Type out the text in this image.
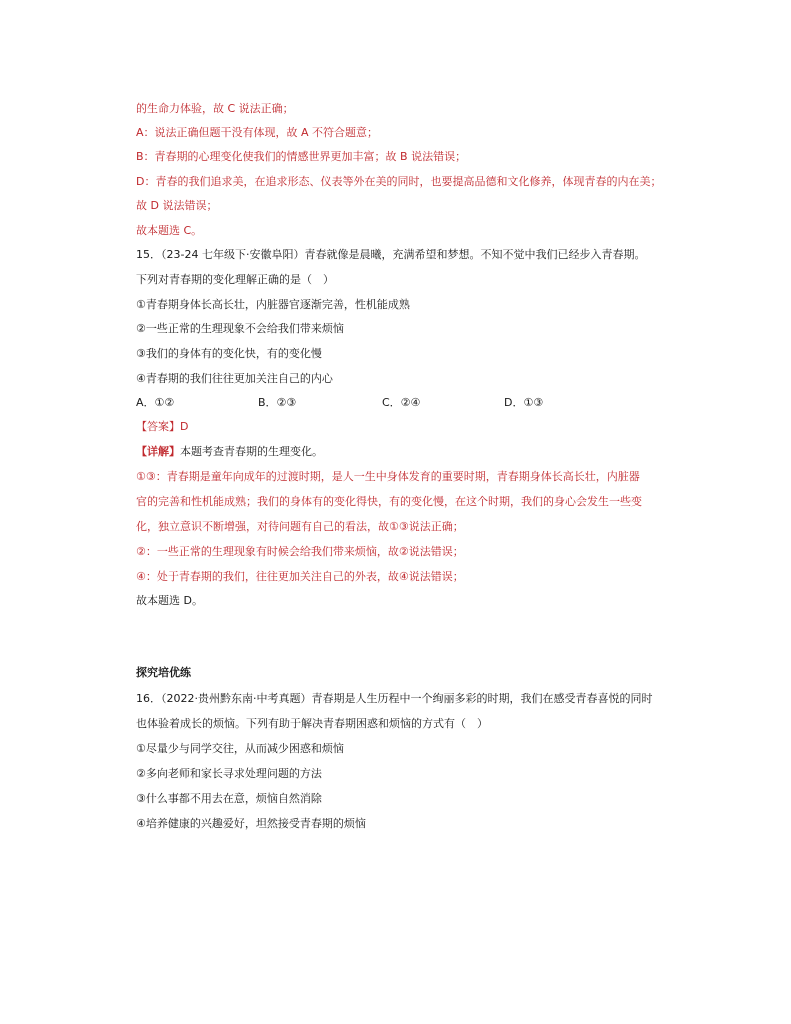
的生命力体验，故 C 说法正确；
A：说法正确但题干没有体现，故 A 不符合题意；
B：青春期的心理变化使我们的情感世界更加丰富；故 B 说法错误；
D：青春的我们追求美，在追求形态、仪表等外在美的同时，也要提高品德和文化修养，体现青春的内在美；
故 D 说法错误；
故本题选 C。
15．（23-24 七年级下·安徽阜阳）青春就像是晨曦，充满希望和梦想。不知不觉中我们已经步入青春期。
下列对青春期的变化理解正确的是（　）
①青春期身体长高长壮，内脏器官逐渐完善，性机能成熟
②一些正常的生理现象不会给我们带来烦恼
③我们的身体有的变化快，有的变化慢
④青春期的我们往往更加关注自己的内心
A．①②	B．②③	C．②④	D．①③
【答案】D
【详解】本题考查青春期的生理变化。
①③：青春期是童年向成年的过渡时期，是人一生中身体发育的重要时期，青春期身体长高长壮，内脏器
官的完善和性机能成熟；我们的身体有的变化得快，有的变化慢，在这个时期，我们的身心会发生一些变
化，独立意识不断增强，对待问题有自己的看法，故①③说法正确；
②：一些正常的生理现象有时候会给我们带来烦恼，故②说法错误；
④：处于青春期的我们，往往更加关注自己的外表，故④说法错误；
故本题选 D。
探究培优练
16．（2022·贵州黔东南·中考真题）青春期是人生历程中一个绚丽多彩的时期，我们在感受青春喜悦的同时
也体验着成长的烦恼。下列有助于解决青春期困惑和烦恼的方式有（　）
①尽量少与同学交往，从而减少困惑和烦恼
②多向老师和家长寻求处理问题的方法
③什么事都不用去在意，烦恼自然消除
④培养健康的兴趣爱好，坦然接受青春期的烦恼
